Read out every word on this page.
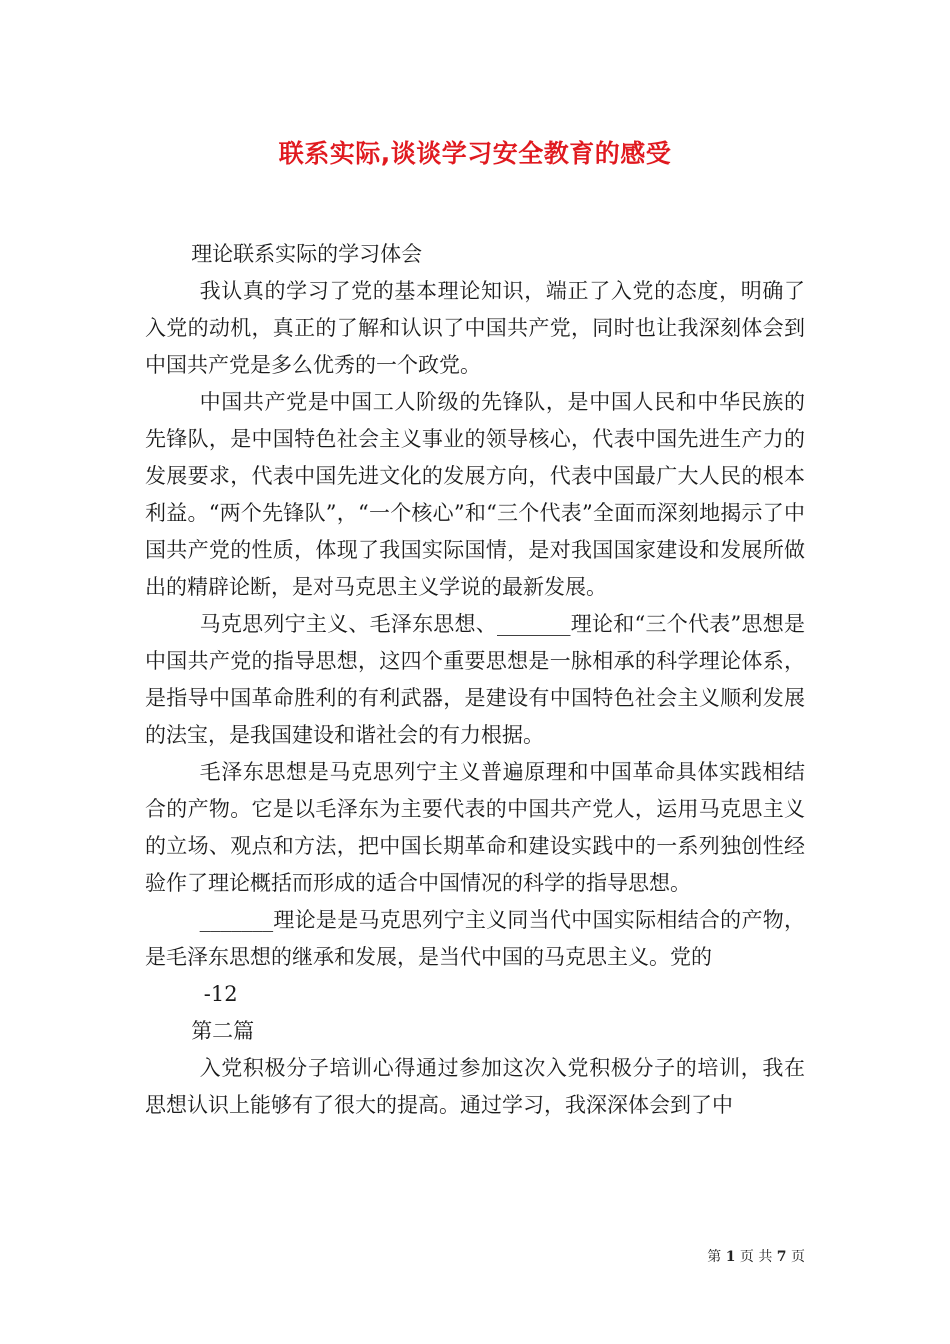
联系实际,谈谈学习安全教育的感受

理论联系实际的学习体会

我认真的学习了党的基本理论知识，端正了入党的态度，明确了入党的动机，真正的了解和认识了中国共产党，同时也让我深刻体会到中国共产党是多么优秀的一个政党。

中国共产党是中国工人阶级的先锋队，是中国人民和中华民族的先锋队，是中国特色社会主义事业的领导核心，代表中国先进生产力的发展要求，代表中国先进文化的发展方向，代表中国最广大人民的根本利益。“两个先锋队”，“一个核心”和“三个代表”全面而深刻地揭示了中国共产党的性质，体现了我国实际国情，是对我国国家建设和发展所做出的精辟论断，是对马克思主义学说的最新发展。

马克思列宁主义、毛泽东思想、_______理论和“三个代表”思想是中国共产党的指导思想，这四个重要思想是一脉相承的科学理论体系，是指导中国革命胜利的有利武器，是建设有中国特色社会主义顺利发展的法宝，是我国建设和谐社会的有力根据。

毛泽东思想是马克思列宁主义普遍原理和中国革命具体实践相结合的产物。它是以毛泽东为主要代表的中国共产党人，运用马克思主义的立场、观点和方法，把中国长期革命和建设实践中的一系列独创性经验作了理论概括而形成的适合中国情况的科学的指导思想。

_______理论是是马克思列宁主义同当代中国实际相结合的产物，是毛泽东思想的继承和发展，是当代中国的马克思主义。党的

-12

第二篇

入党积极分子培训心得通过参加这次入党积极分子的培训，我在思想认识上能够有了很大的提高。通过学习，我深深体会到了中

第 1 页 共 7 页
